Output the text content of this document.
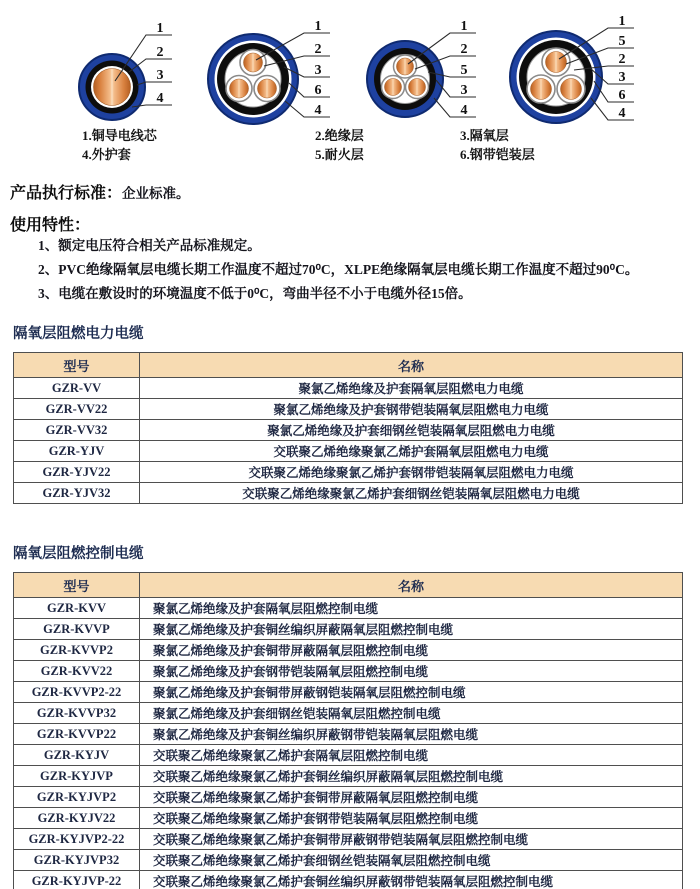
1
2
3
4
1
2
3
6
4
1
2
5
3
4
1
5
2
3
6
4
1.铜导电线芯
4.外护套
2.绝缘层
5.耐火层
3.隔氧层
6.钢带铠装层
产品执行标准：企业标准。
使用特性：
1、额定电压符合相关产品标准规定。
2、PVC绝缘隔氧层电缆长期工作温度不超过70⁰C，XLPE绝缘隔氧层电缆长期工作温度不超过90⁰C。
3、电缆在敷设时的环境温度不低于0⁰C，弯曲半径不小于电缆外径15倍。
隔氧层阻燃电力电缆
型号	名称
GZR-VV	聚氯乙烯绝缘及护套隔氧层阻燃电力电缆
GZR-VV22	聚氯乙烯绝缘及护套钢带铠装隔氧层阻燃电力电缆
GZR-VV32	聚氯乙烯绝缘及护套细钢丝铠装隔氧层阻燃电力电缆
GZR-YJV	交联聚乙烯绝缘聚氯乙烯护套隔氧层阻燃电力电缆
GZR-YJV22	交联聚乙烯绝缘聚氯乙烯护套钢带铠装隔氧层阻燃电力电缆
GZR-YJV32	交联聚乙烯绝缘聚氯乙烯护套细钢丝铠装隔氧层阻燃电力电缆
隔氧层阻燃控制电缆
型号	名称
GZR-KVV	聚氯乙烯绝缘及护套隔氧层阻燃控制电缆
GZR-KVVP	聚氯乙烯绝缘及护套铜丝编织屏蔽隔氧层阻燃控制电缆
GZR-KVVP2	聚氯乙烯绝缘及护套铜带屏蔽隔氧层阻燃控制电缆
GZR-KVV22	聚氯乙烯绝缘及护套钢带铠装隔氧层阻燃控制电缆
GZR-KVVP2-22	聚氯乙烯绝缘及护套铜带屏蔽钢铠装隔氧层阻燃控制电缆
GZR-KVVP32	聚氯乙烯绝缘及护套细钢丝铠装隔氧层阻燃控制电缆
GZR-KVVP22	聚氯乙烯绝缘及护套铜丝编织屏蔽钢带铠装隔氧层阻燃电缆
GZR-KYJV	交联聚乙烯绝缘聚氯乙烯护套隔氧层阻燃控制电缆
GZR-KYJVP	交联聚乙烯绝缘聚氯乙烯护套铜丝编织屏蔽隔氧层阻燃控制电缆
GZR-KYJVP2	交联聚乙烯绝缘聚氯乙烯护套铜带屏蔽隔氧层阻燃控制电缆
GZR-KYJV22	交联聚乙烯绝缘聚氯乙烯护套钢带铠装隔氧层阻燃控制电缆
GZR-KYJVP2-22	交联聚乙烯绝缘聚氯乙烯护套铜带屏蔽钢带铠装隔氧层阻燃控制电缆
GZR-KYJVP32	交联聚乙烯绝缘聚氯乙烯护套细钢丝铠装隔氧层阻燃控制电缆
GZR-KYJVP-22	交联聚乙烯绝缘聚氯乙烯护套铜丝编织屏蔽钢带铠装隔氧层阻燃控制电缆
